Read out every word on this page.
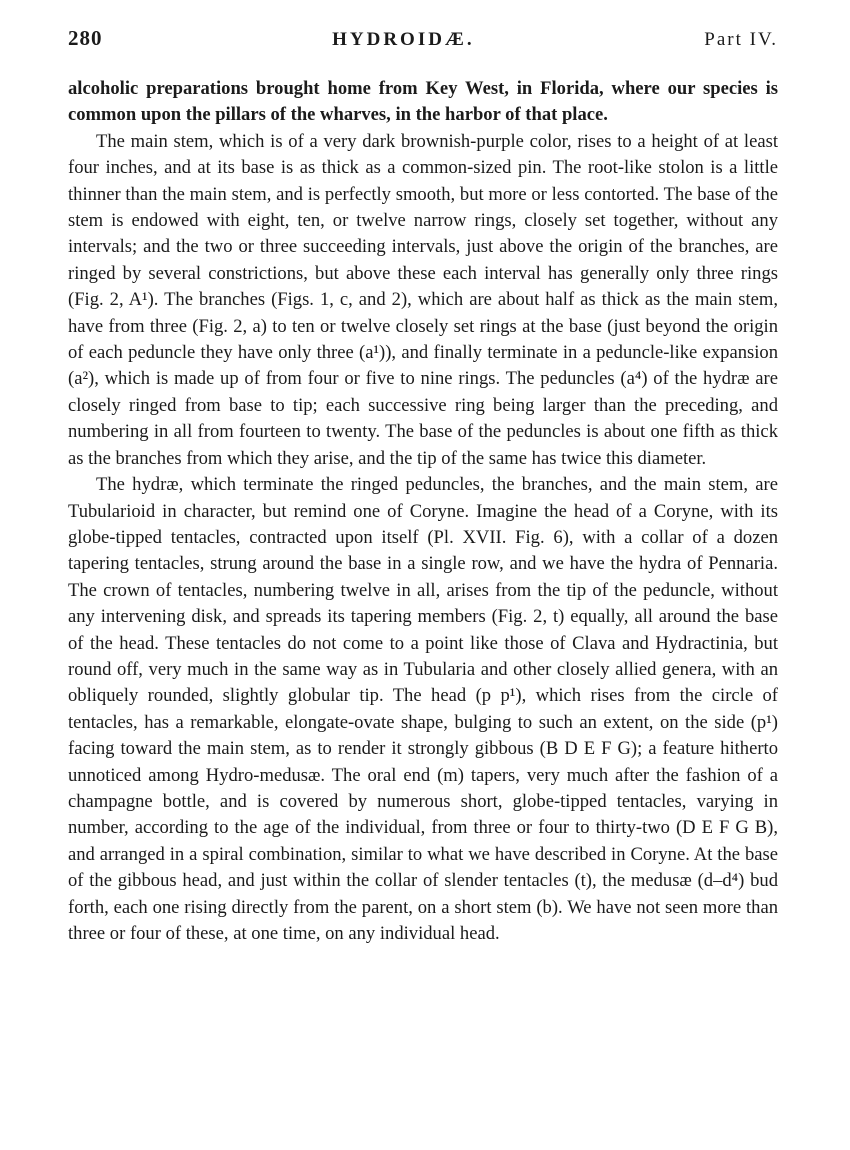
280	HYDROIDÆ.	Part IV.

alcoholic preparations brought home from Key West, in Florida, where our species is common upon the pillars of the wharves, in the harbor of that place.

The main stem, which is of a very dark brownish-purple color, rises to a height of at least four inches, and at its base is as thick as a common-sized pin. The root-like stolon is a little thinner than the main stem, and is perfectly smooth, but more or less contorted. The base of the stem is endowed with eight, ten, or twelve narrow rings, closely set together, without any intervals; and the two or three succeeding intervals, just above the origin of the branches, are ringed by several constrictions, but above these each interval has generally only three rings (Fig. 2, A¹). The branches (Figs. 1, c, and 2), which are about half as thick as the main stem, have from three (Fig. 2, a) to ten or twelve closely set rings at the base (just beyond the origin of each peduncle they have only three (a¹)), and finally terminate in a peduncle-like expansion (a²), which is made up of from four or five to nine rings. The peduncles (a⁴) of the hydræ are closely ringed from base to tip; each successive ring being larger than the preceding, and numbering in all from fourteen to twenty. The base of the peduncles is about one fifth as thick as the branches from which they arise, and the tip of the same has twice this diameter.

The hydræ, which terminate the ringed peduncles, the branches, and the main stem, are Tubularioid in character, but remind one of Coryne. Imagine the head of a Coryne, with its globe-tipped tentacles, contracted upon itself (Pl. XVII. Fig. 6), with a collar of a dozen tapering tentacles, strung around the base in a single row, and we have the hydra of Pennaria. The crown of tentacles, numbering twelve in all, arises from the tip of the peduncle, without any intervening disk, and spreads its tapering members (Fig. 2, t) equally, all around the base of the head. These tentacles do not come to a point like those of Clava and Hydractinia, but round off, very much in the same way as in Tubularia and other closely allied genera, with an obliquely rounded, slightly globular tip. The head (p p¹), which rises from the circle of tentacles, has a remarkable, elongate-ovate shape, bulging to such an extent, on the side (p¹) facing toward the main stem, as to render it strongly gibbous (B D E F G); a feature hitherto unnoticed among Hydro-medusæ. The oral end (m) tapers, very much after the fashion of a champagne bottle, and is covered by numerous short, globe-tipped tentacles, varying in number, according to the age of the individual, from three or four to thirty-two (D E F G B), and arranged in a spiral combination, similar to what we have described in Coryne. At the base of the gibbous head, and just within the collar of slender tentacles (t), the medusæ (d–d⁴) bud forth, each one rising directly from the parent, on a short stem (b). We have not seen more than three or four of these, at one time, on any individual head.
